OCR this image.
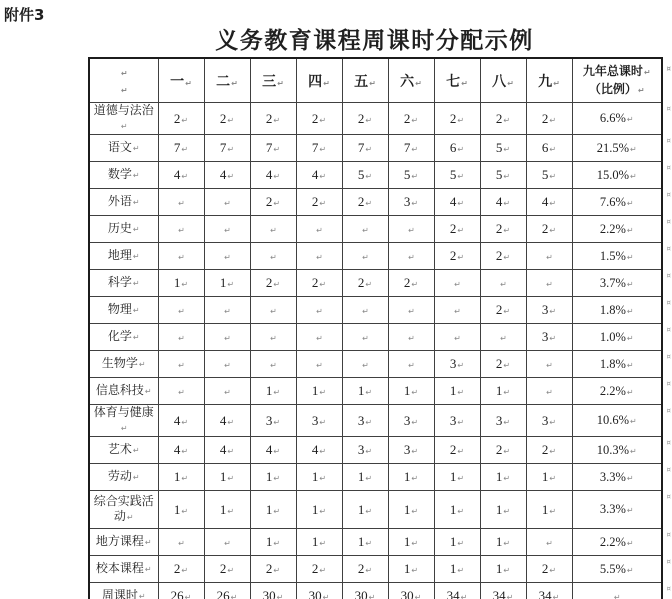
附件3
义务教育课程周课时分配示例
↵
↵	一↵	二↵	三↵	四↵	五↵	六↵	七↵	八↵	九↵	九年总课时↵
（比例）↵
¤

道德与法治↵	2↵	2↵	2↵	2↵	2↵	2↵	2↵	2↵	2↵	6.6%↵
¤

语文↵	7↵	7↵	7↵	7↵	7↵	7↵	6↵	5↵	6↵	21.5%↵
¤

数学↵	4↵	4↵	4↵	4↵	5↵	5↵	5↵	5↵	5↵	15.0%↵
¤

外语↵	↵	↵	2↵	2↵	2↵	3↵	4↵	4↵	4↵	7.6%↵
¤

历史↵	↵	↵	↵	↵	↵	↵	2↵	2↵	2↵	2.2%↵
¤

地理↵	↵	↵	↵	↵	↵	↵	2↵	2↵	↵	1.5%↵
¤

科学↵	1↵	1↵	2↵	2↵	2↵	2↵	↵	↵	↵	3.7%↵
¤

物理↵	↵	↵	↵	↵	↵	↵	↵	2↵	3↵	1.8%↵
¤

化学↵	↵	↵	↵	↵	↵	↵	↵	↵	3↵	1.0%↵
¤

生物学↵	↵	↵	↵	↵	↵	↵	3↵	2↵	↵	1.8%↵
¤

信息科技↵	↵	↵	1↵	1↵	1↵	1↵	1↵	1↵	↵	2.2%↵
¤

体育与健康↵	4↵	4↵	3↵	3↵	3↵	3↵	3↵	3↵	3↵	10.6%↵
¤

艺术↵	4↵	4↵	4↵	4↵	3↵	3↵	2↵	2↵	2↵	10.3%↵
¤

劳动↵	1↵	1↵	1↵	1↵	1↵	1↵	1↵	1↵	1↵	3.3%↵
¤

综合实践活动↵	1↵	1↵	1↵	1↵	1↵	1↵	1↵	1↵	1↵	3.3%↵
¤

地方课程↵	↵	↵	1↵	1↵	1↵	1↵	1↵	1↵	↵	2.2%↵
¤

校本课程↵	2↵	2↵	2↵	2↵	2↵	1↵	1↵	1↵	2↵	5.5%↵
¤

周课时↵	26↵	26↵	30↵	30↵	30↵	30↵	34↵	34↵	34↵	↵
¤
